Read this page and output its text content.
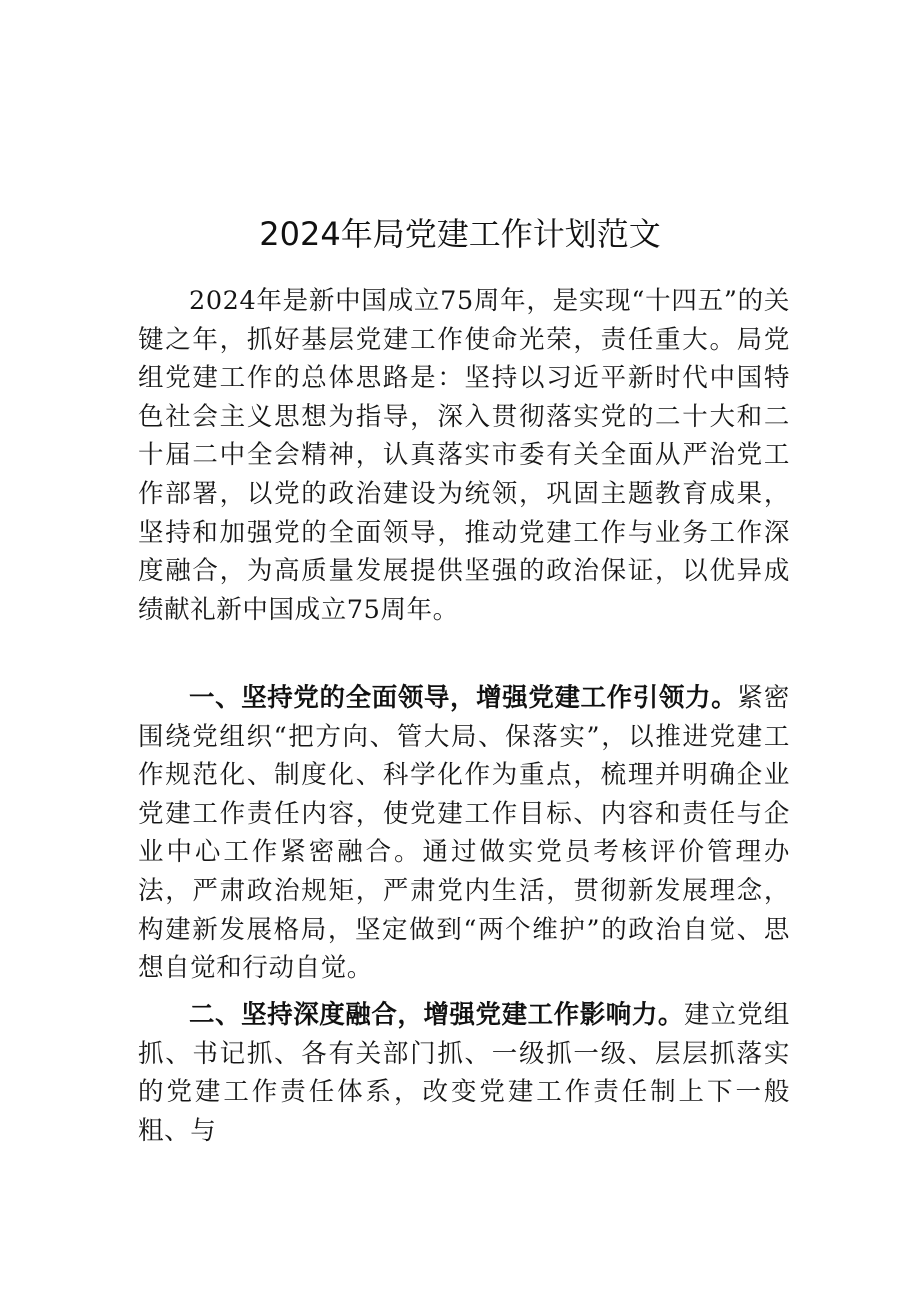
2024年局党建工作计划范文

2024年是新中国成立75周年，是实现“十四五”的关键之年，抓好基层党建工作使命光荣，责任重大。局党组党建工作的总体思路是：坚持以习近平新时代中国特色社会主义思想为指导，深入贯彻落实党的二十大和二十届二中全会精神，认真落实市委有关全面从严治党工作部署，以党的政治建设为统领，巩固主题教育成果，坚持和加强党的全面领导，推动党建工作与业务工作深度融合，为高质量发展提供坚强的政治保证，以优异成绩献礼新中国成立75周年。

一、坚持党的全面领导，增强党建工作引领力。紧密围绕党组织“把方向、管大局、保落实”，以推进党建工作规范化、制度化、科学化作为重点，梳理并明确企业党建工作责任内容，使党建工作目标、内容和责任与企业中心工作紧密融合。通过做实党员考核评价管理办法，严肃政治规矩，严肃党内生活，贯彻新发展理念，构建新发展格局，坚定做到“两个维护”的政治自觉、思想自觉和行动自觉。

二、坚持深度融合，增强党建工作影响力。建立党组抓、书记抓、各有关部门抓、一级抓一级、层层抓落实的党建工作责任体系，改变党建工作责任制上下一般粗、与
